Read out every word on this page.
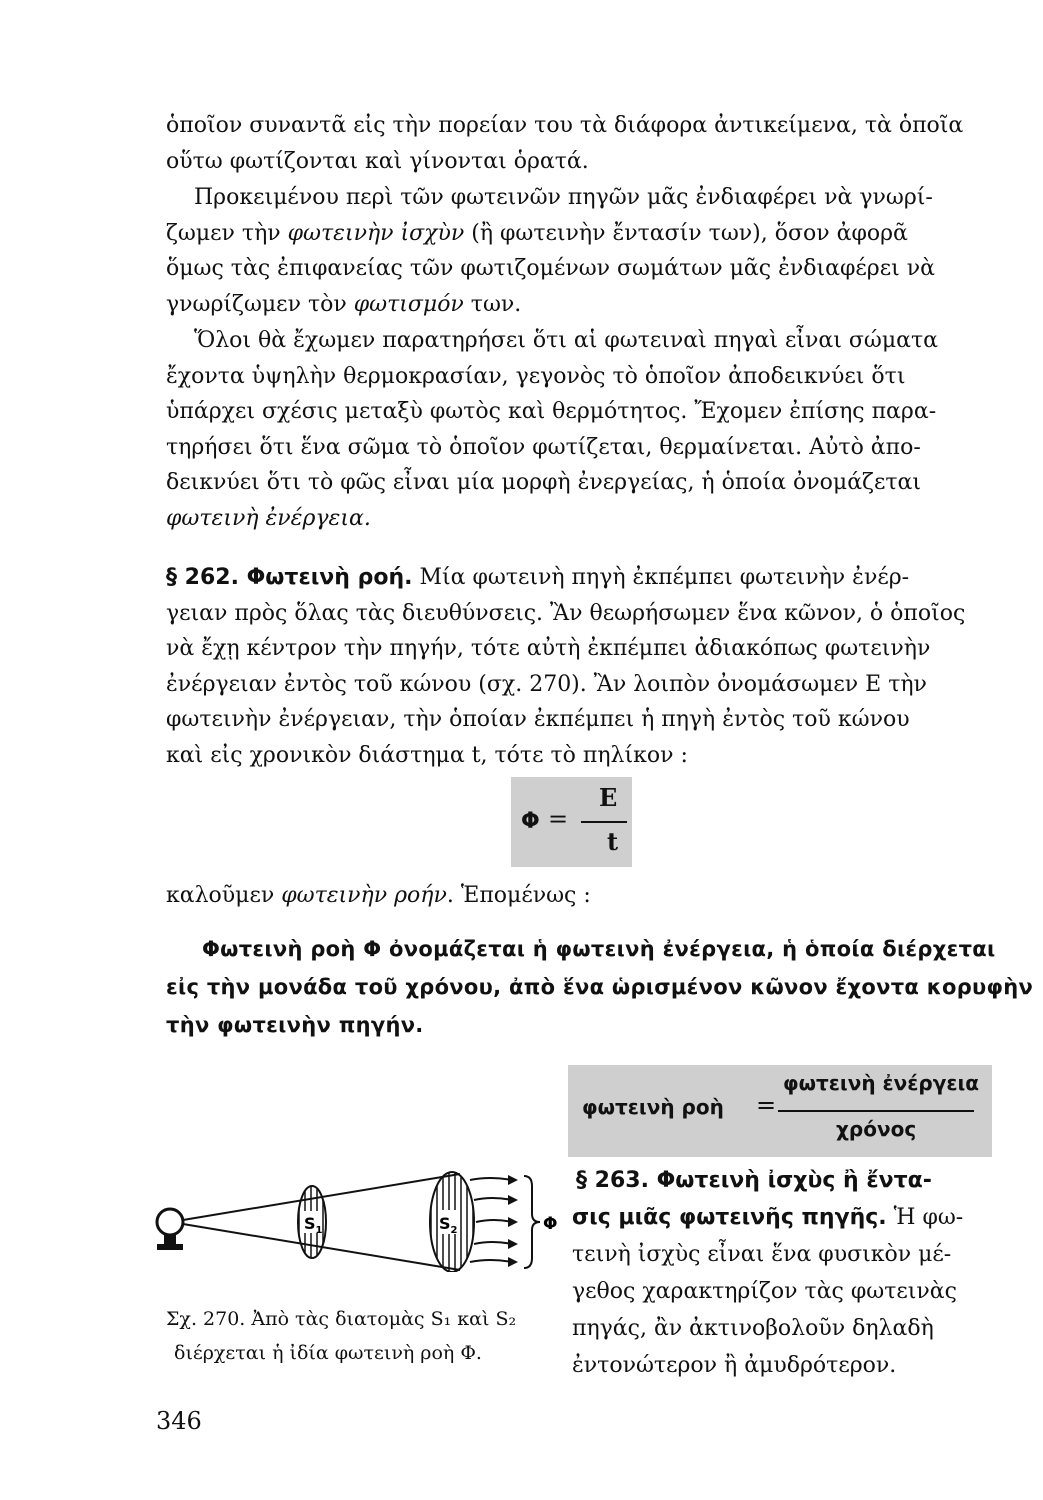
ὁποῖον συναντᾶ εἰς τὴν πορείαν του τὰ διάφορα ἀντικείμενα, τὰ ὁποῖα
οὕτω φωτίζονται καὶ γίνονται ὁρατά.
Προκειμένου περὶ τῶν φωτεινῶν πηγῶν μᾶς ἐνδιαφέρει νὰ γνωρί-
ζωμεν τὴν φωτεινὴν ἰσχὺν (ἢ φωτεινὴν ἔντασίν των), ὅσον ἀφορᾶ
ὅμως τὰς ἐπιφανείας τῶν φωτιζομένων σωμάτων μᾶς ἐνδιαφέρει νὰ
γνωρίζωμεν τὸν φωτισμόν των.
Ὅλοι θὰ ἔχωμεν παρατηρήσει ὅτι αἱ φωτειναὶ πηγαὶ εἶναι σώματα
ἔχοντα ὑψηλὴν θερμοκρασίαν, γεγονὸς τὸ ὁποῖον ἀποδεικνύει ὅτι
ὑπάρχει σχέσις μεταξὺ φωτὸς καὶ θερμότητος. Ἔχομεν ἐπίσης παρα-
τηρήσει ὅτι ἕνα σῶμα τὸ ὁποῖον φωτίζεται, θερμαίνεται. Αὐτὸ ἀπο-
δεικνύει ὅτι τὸ φῶς εἶναι μία μορφὴ ἐνεργείας, ἡ ὁποία ὀνομάζεται
φωτεινὴ ἐνέργεια.
§ 262. Φωτεινὴ ροή. Μία φωτεινὴ πηγὴ ἐκπέμπει φωτεινὴν ἐνέρ-
γειαν πρὸς ὅλας τὰς διευθύνσεις. Ἂν θεωρήσωμεν ἕνα κῶνον, ὁ ὁποῖος
νὰ ἔχῃ κέντρον τὴν πηγήν, τότε αὐτὴ ἐκπέμπει ἀδιακόπως φωτεινὴν
ἐνέργειαν ἐντὸς τοῦ κώνου (σχ. 270). Ἂν λοιπὸν ὀνομάσωμεν E τὴν
φωτεινὴν ἐνέργειαν, τὴν ὁποίαν ἐκπέμπει ἡ πηγὴ ἐντὸς τοῦ κώνου
καὶ εἰς χρονικὸν διάστημα t, τότε τὸ πηλίκον :
Φ =
E
t
καλοῦμεν φωτεινὴν ροήν. Ἑπομένως :
Φωτεινὴ ροὴ Φ ὀνομάζεται ἡ φωτεινὴ ἐνέργεια, ἡ ὁποία διέρχεται
εἰς τὴν μονάδα τοῦ χρόνου, ἀπὸ ἕνα ὡρισμένον κῶνον ἔχοντα κορυφὴν
τὴν φωτεινὴν πηγήν.
φωτεινὴ ροὴ =
φωτεινὴ ἐνέργεια
χρόνος
$S_1$	$S_2$	Φ
Σχ. 270. Ἀπὸ τὰς διατομὰς S₁ καὶ S₂
διέρχεται ἡ ἰδία φωτεινὴ ροὴ Φ.
§ 263. Φωτεινὴ ἰσχὺς ἢ ἔντα-
σις μιᾶς φωτεινῆς πηγῆς. Ἡ φω-
τεινὴ ἰσχὺς εἶναι ἕνα φυσικὸν μέ-
γεθος χαρακτηρίζον τὰς φωτεινὰς
πηγάς, ἂν ἀκτινοβολοῦν δηλαδὴ
ἐντονώτερον ἢ ἀμυδρότερον.
346
